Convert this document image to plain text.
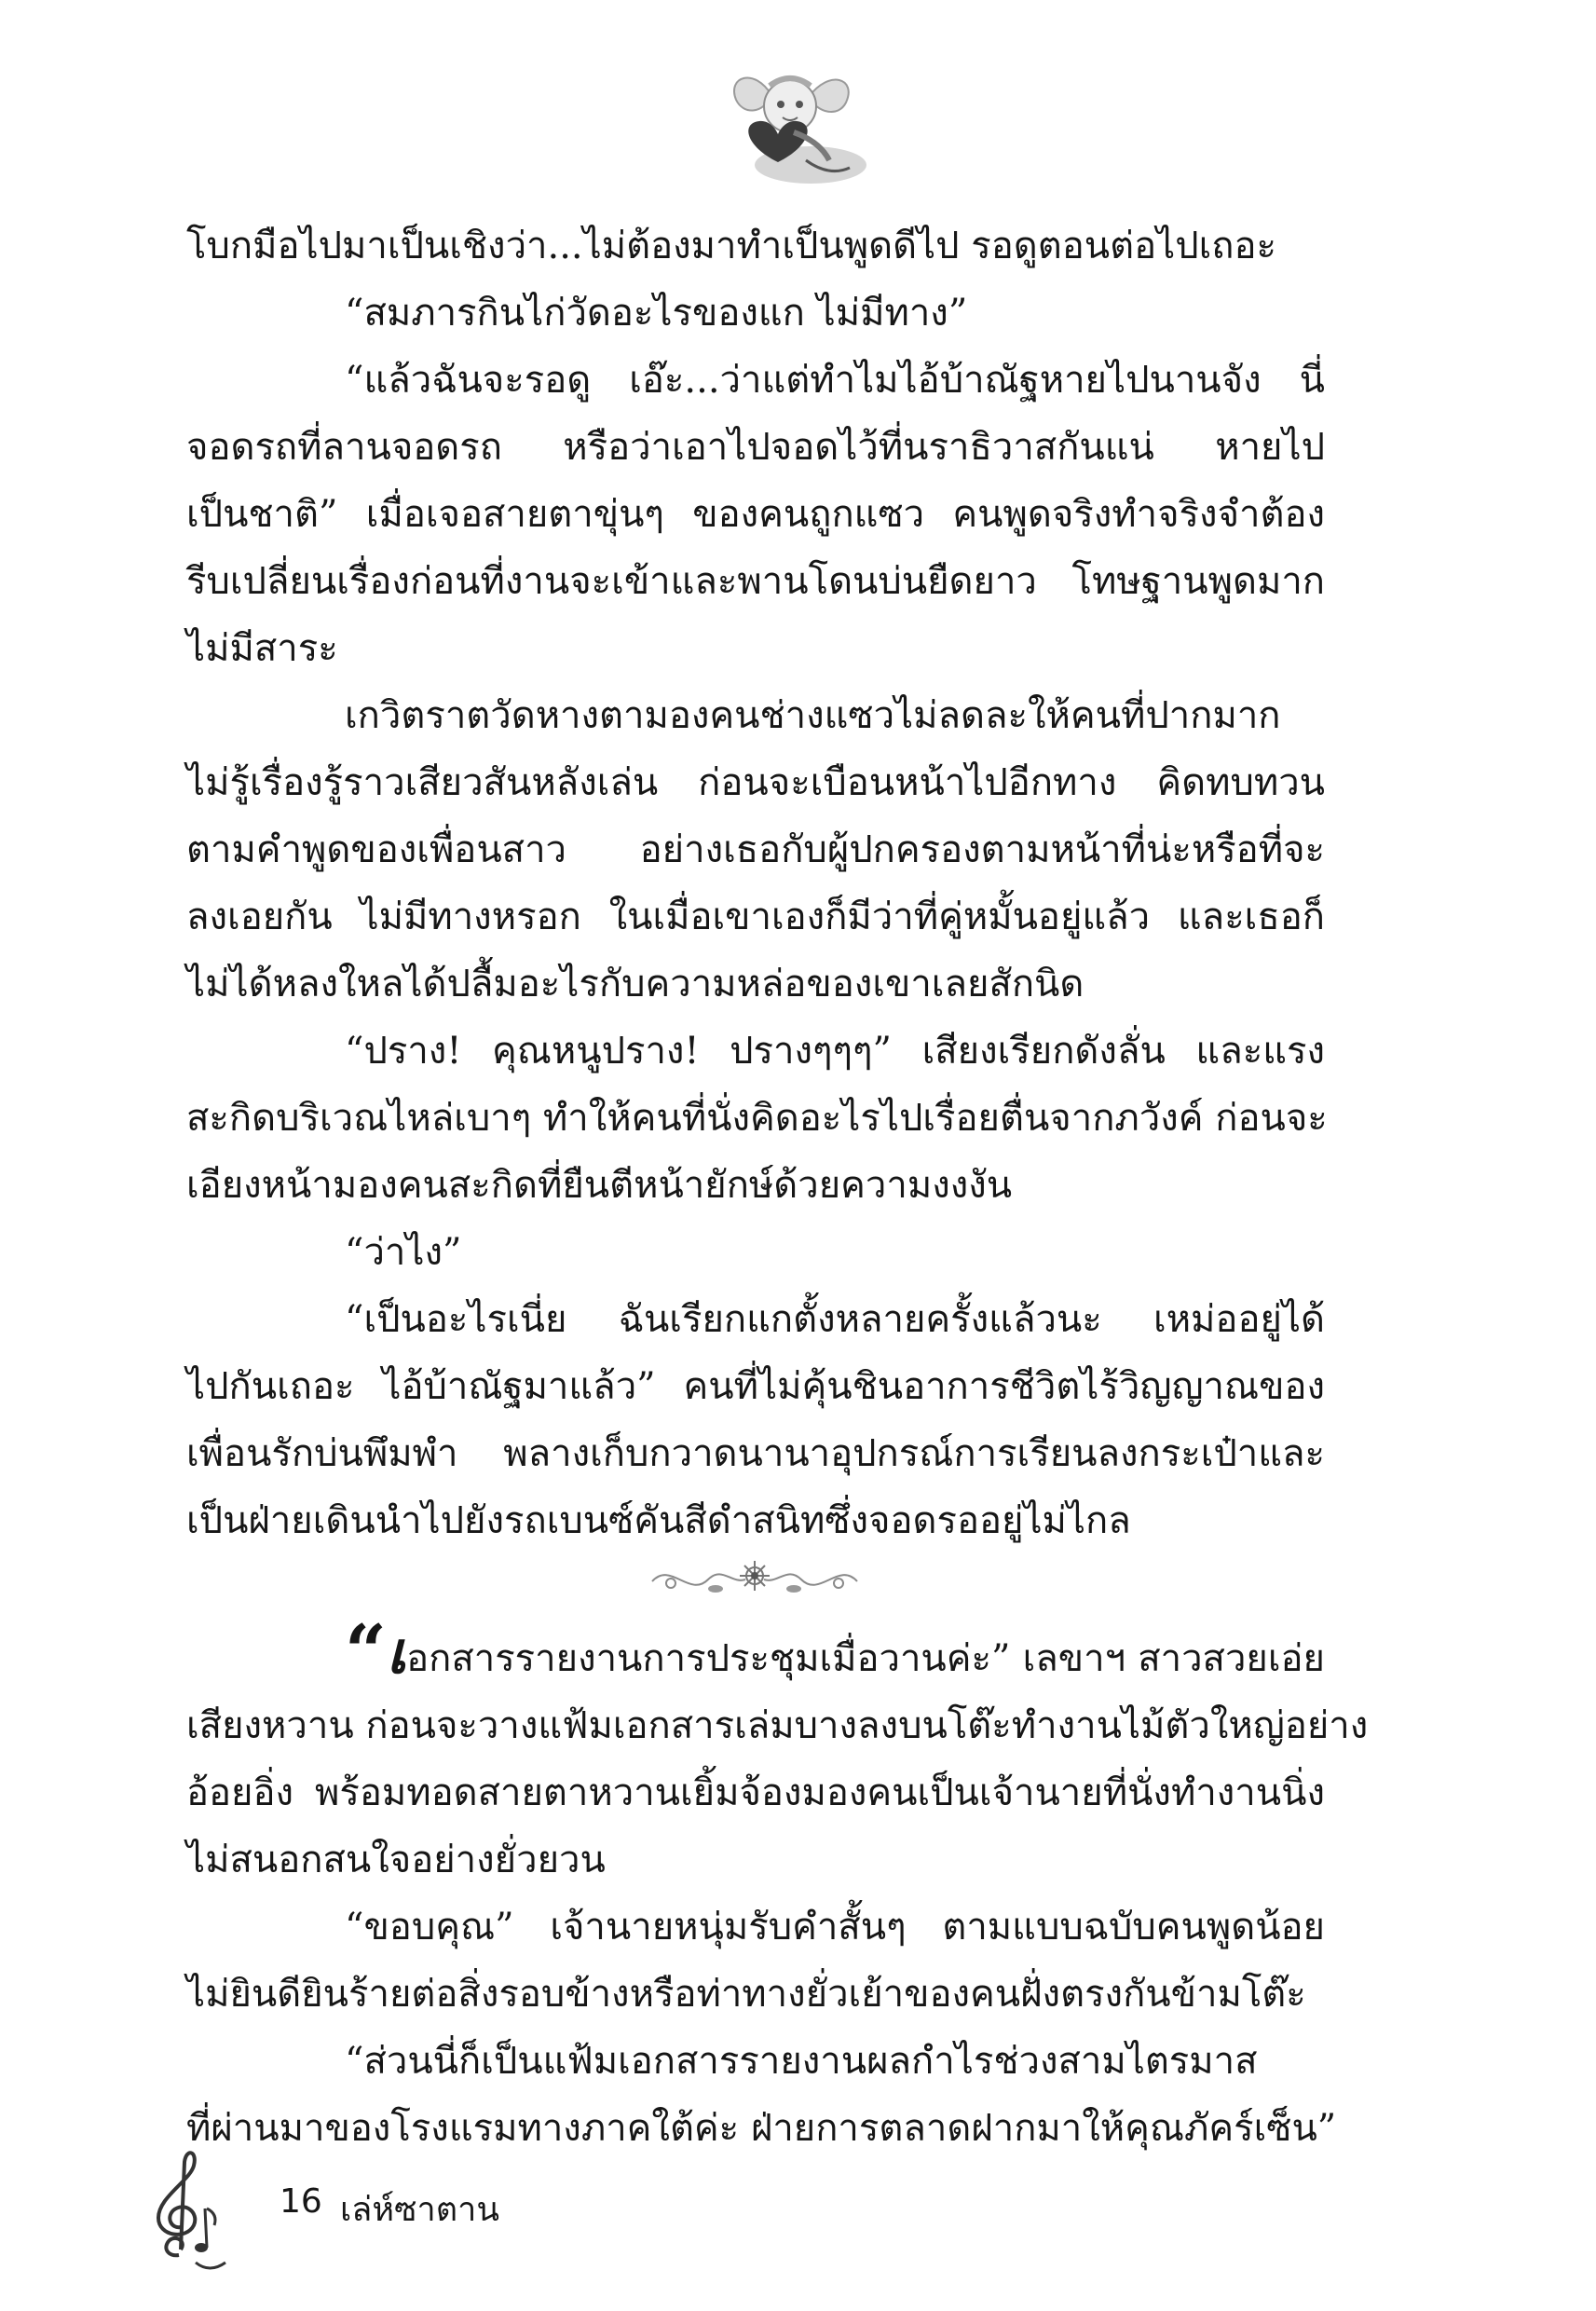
โบกมือไปมาเป็นเชิงว่า...ไม่ต้องมาทำเป็นพูดดีไป รอดูตอนต่อไปเถอะ

“สมภารกินไก่วัดอะไรของแก ไม่มีทาง”

“แล้วฉันจะรอดู เอ๊ะ...ว่าแต่ทำไมไอ้บ้าณัฐหายไปนานจัง นี่

จอดรถที่ลานจอดรถ หรือว่าเอาไปจอดไว้ที่นราธิวาสกันแน่ หายไป

เป็นชาติ” เมื่อเจอสายตาขุ่นๆ ของคนถูกแซว คนพูดจริงทำจริงจำต้อง

รีบเปลี่ยนเรื่องก่อนที่งานจะเข้าและพานโดนบ่นยืดยาว โทษฐานพูดมาก

ไม่มีสาระ

เกวิตราตวัดหางตามองคนช่างแซวไม่ลดละให้คนที่ปากมาก

ไม่รู้เรื่องรู้ราวเสียวสันหลังเล่น ก่อนจะเบือนหน้าไปอีกทาง คิดทบทวน

ตามคำพูดของเพื่อนสาว อย่างเธอกับผู้ปกครองตามหน้าที่น่ะหรือที่จะ

ลงเอยกัน ไม่มีทางหรอก ในเมื่อเขาเองก็มีว่าที่คู่หมั้นอยู่แล้ว และเธอก็

ไม่ได้หลงใหลได้ปลื้มอะไรกับความหล่อของเขาเลยสักนิด

“ปราง! คุณหนูปราง! ปรางๆๆๆ” เสียงเรียกดังลั่น และแรง

สะกิดบริเวณไหล่เบาๆ ทำให้คนที่นั่งคิดอะไรไปเรื่อยตื่นจากภวังค์ ก่อนจะ

เอียงหน้ามองคนสะกิดที่ยืนตีหน้ายักษ์ด้วยความงงงัน

“ว่าไง”

“เป็นอะไรเนี่ย ฉันเรียกแกตั้งหลายครั้งแล้วนะ เหม่ออยู่ได้

ไปกันเถอะ ไอ้บ้าณัฐมาแล้ว” คนที่ไม่คุ้นชินอาการชีวิตไร้วิญญาณของ

เพื่อนรักบ่นพึมพำ พลางเก็บกวาดนานาอุปกรณ์การเรียนลงกระเป๋าและ

เป็นฝ่ายเดินนำไปยังรถเบนซ์คันสีดำสนิทซึ่งจอดรออยู่ไม่ไกล

“เอกสารรายงานการประชุมเมื่อวานค่ะ” เลขาฯ สาวสวยเอ่ย

เสียงหวาน ก่อนจะวางแฟ้มเอกสารเล่มบางลงบนโต๊ะทำงานไม้ตัวใหญ่อย่าง

อ้อยอิ่ง พร้อมทอดสายตาหวานเยิ้มจ้องมองคนเป็นเจ้านายที่นั่งทำงานนิ่ง

ไม่สนอกสนใจอย่างยั่วยวน

“ขอบคุณ” เจ้านายหนุ่มรับคำสั้นๆ ตามแบบฉบับคนพูดน้อย

ไม่ยินดียินร้ายต่อสิ่งรอบข้างหรือท่าทางยั่วเย้าของคนฝั่งตรงกันข้ามโต๊ะ

“ส่วนนี่ก็เป็นแฟ้มเอกสารรายงานผลกำไรช่วงสามไตรมาส

ที่ผ่านมาของโรงแรมทางภาคใต้ค่ะ ฝ่ายการตลาดฝากมาให้คุณภัคร์เซ็น”

16 เล่ห์ซาตาน
